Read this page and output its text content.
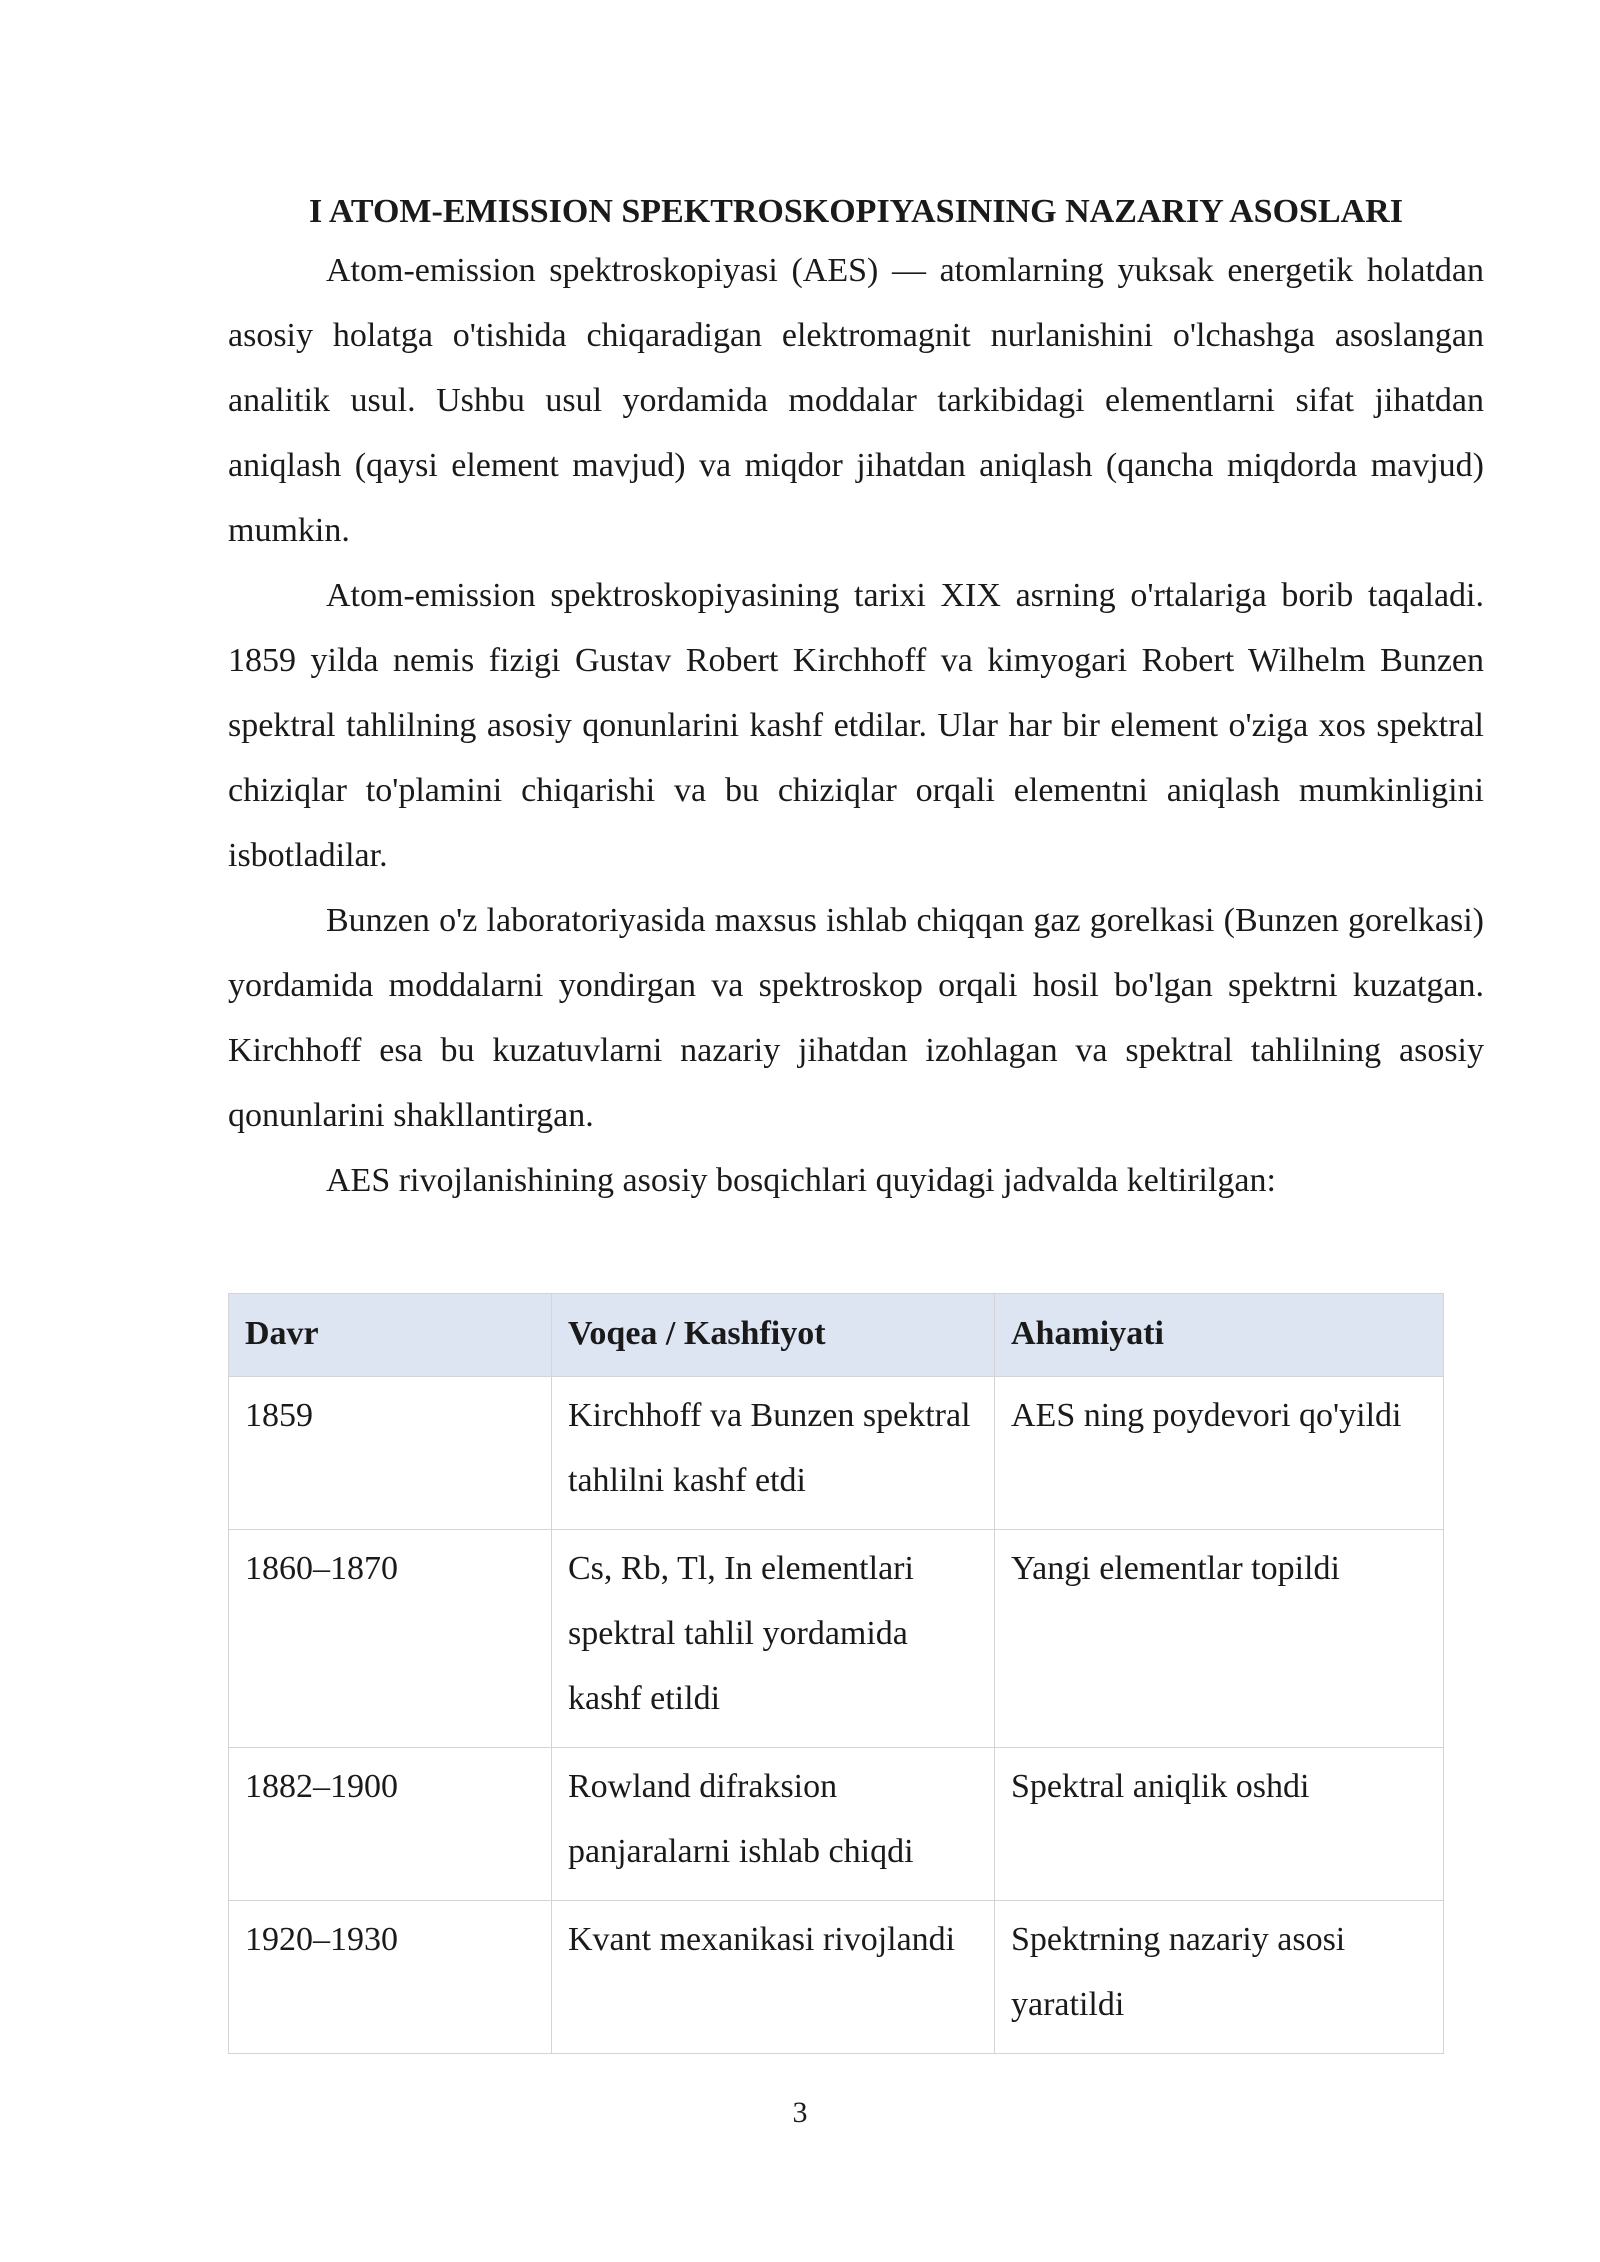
I ATOM-EMISSION SPEKTROSKOPIYASINING NAZARIY ASOSLARI

Atom-emission spektroskopiyasi (AES) — atomlarning yuksak energetik holatdan asosiy holatga o'tishida chiqaradigan elektromagnit nurlanishini o'lchashga asoslangan analitik usul. Ushbu usul yordamida moddalar tarkibidagi elementlarni sifat jihatdan aniqlash (qaysi element mavjud) va miqdor jihatdan aniqlash (qancha miqdorda mavjud) mumkin.

Atom-emission spektroskopiyasining tarixi XIX asrning o'rtalariga borib taqaladi. 1859 yilda nemis fizigi Gustav Robert Kirchhoff va kimyogari Robert Wilhelm Bunzen spektral tahlilning asosiy qonunlarini kashf etdilar. Ular har bir element o'ziga xos spektral chiziqlar to'plamini chiqarishi va bu chiziqlar orqali elementni aniqlash mumkinligini isbotladilar.

Bunzen o'z laboratoriyasida maxsus ishlab chiqqan gaz gorelkasi (Bunzen gorelkasi) yordamida moddalarni yondirgan va spektroskop orqali hosil bo'lgan spektrni kuzatgan. Kirchhoff esa bu kuzatuvlarni nazariy jihatdan izohlagan va spektral tahlilning asosiy qonunlarini shakllantirgan.

AES rivojlanishining asosiy bosqichlari quyidagi jadvalda keltirilgan:

Davr	Voqea / Kashfiyot	Ahamiyati
1859	Kirchhoff va Bunzen spektral tahlilni kashf etdi	AES ning poydevori qo'yildi
1860–1870	Cs, Rb, Tl, In elementlari spektral tahlil yordamida kashf etildi	Yangi elementlar topildi
1882–1900	Rowland difraksion panjaralarni ishlab chiqdi	Spektral aniqlik oshdi
1920–1930	Kvant mexanikasi rivojlandi	Spektrning nazariy asosi yaratildi
3
